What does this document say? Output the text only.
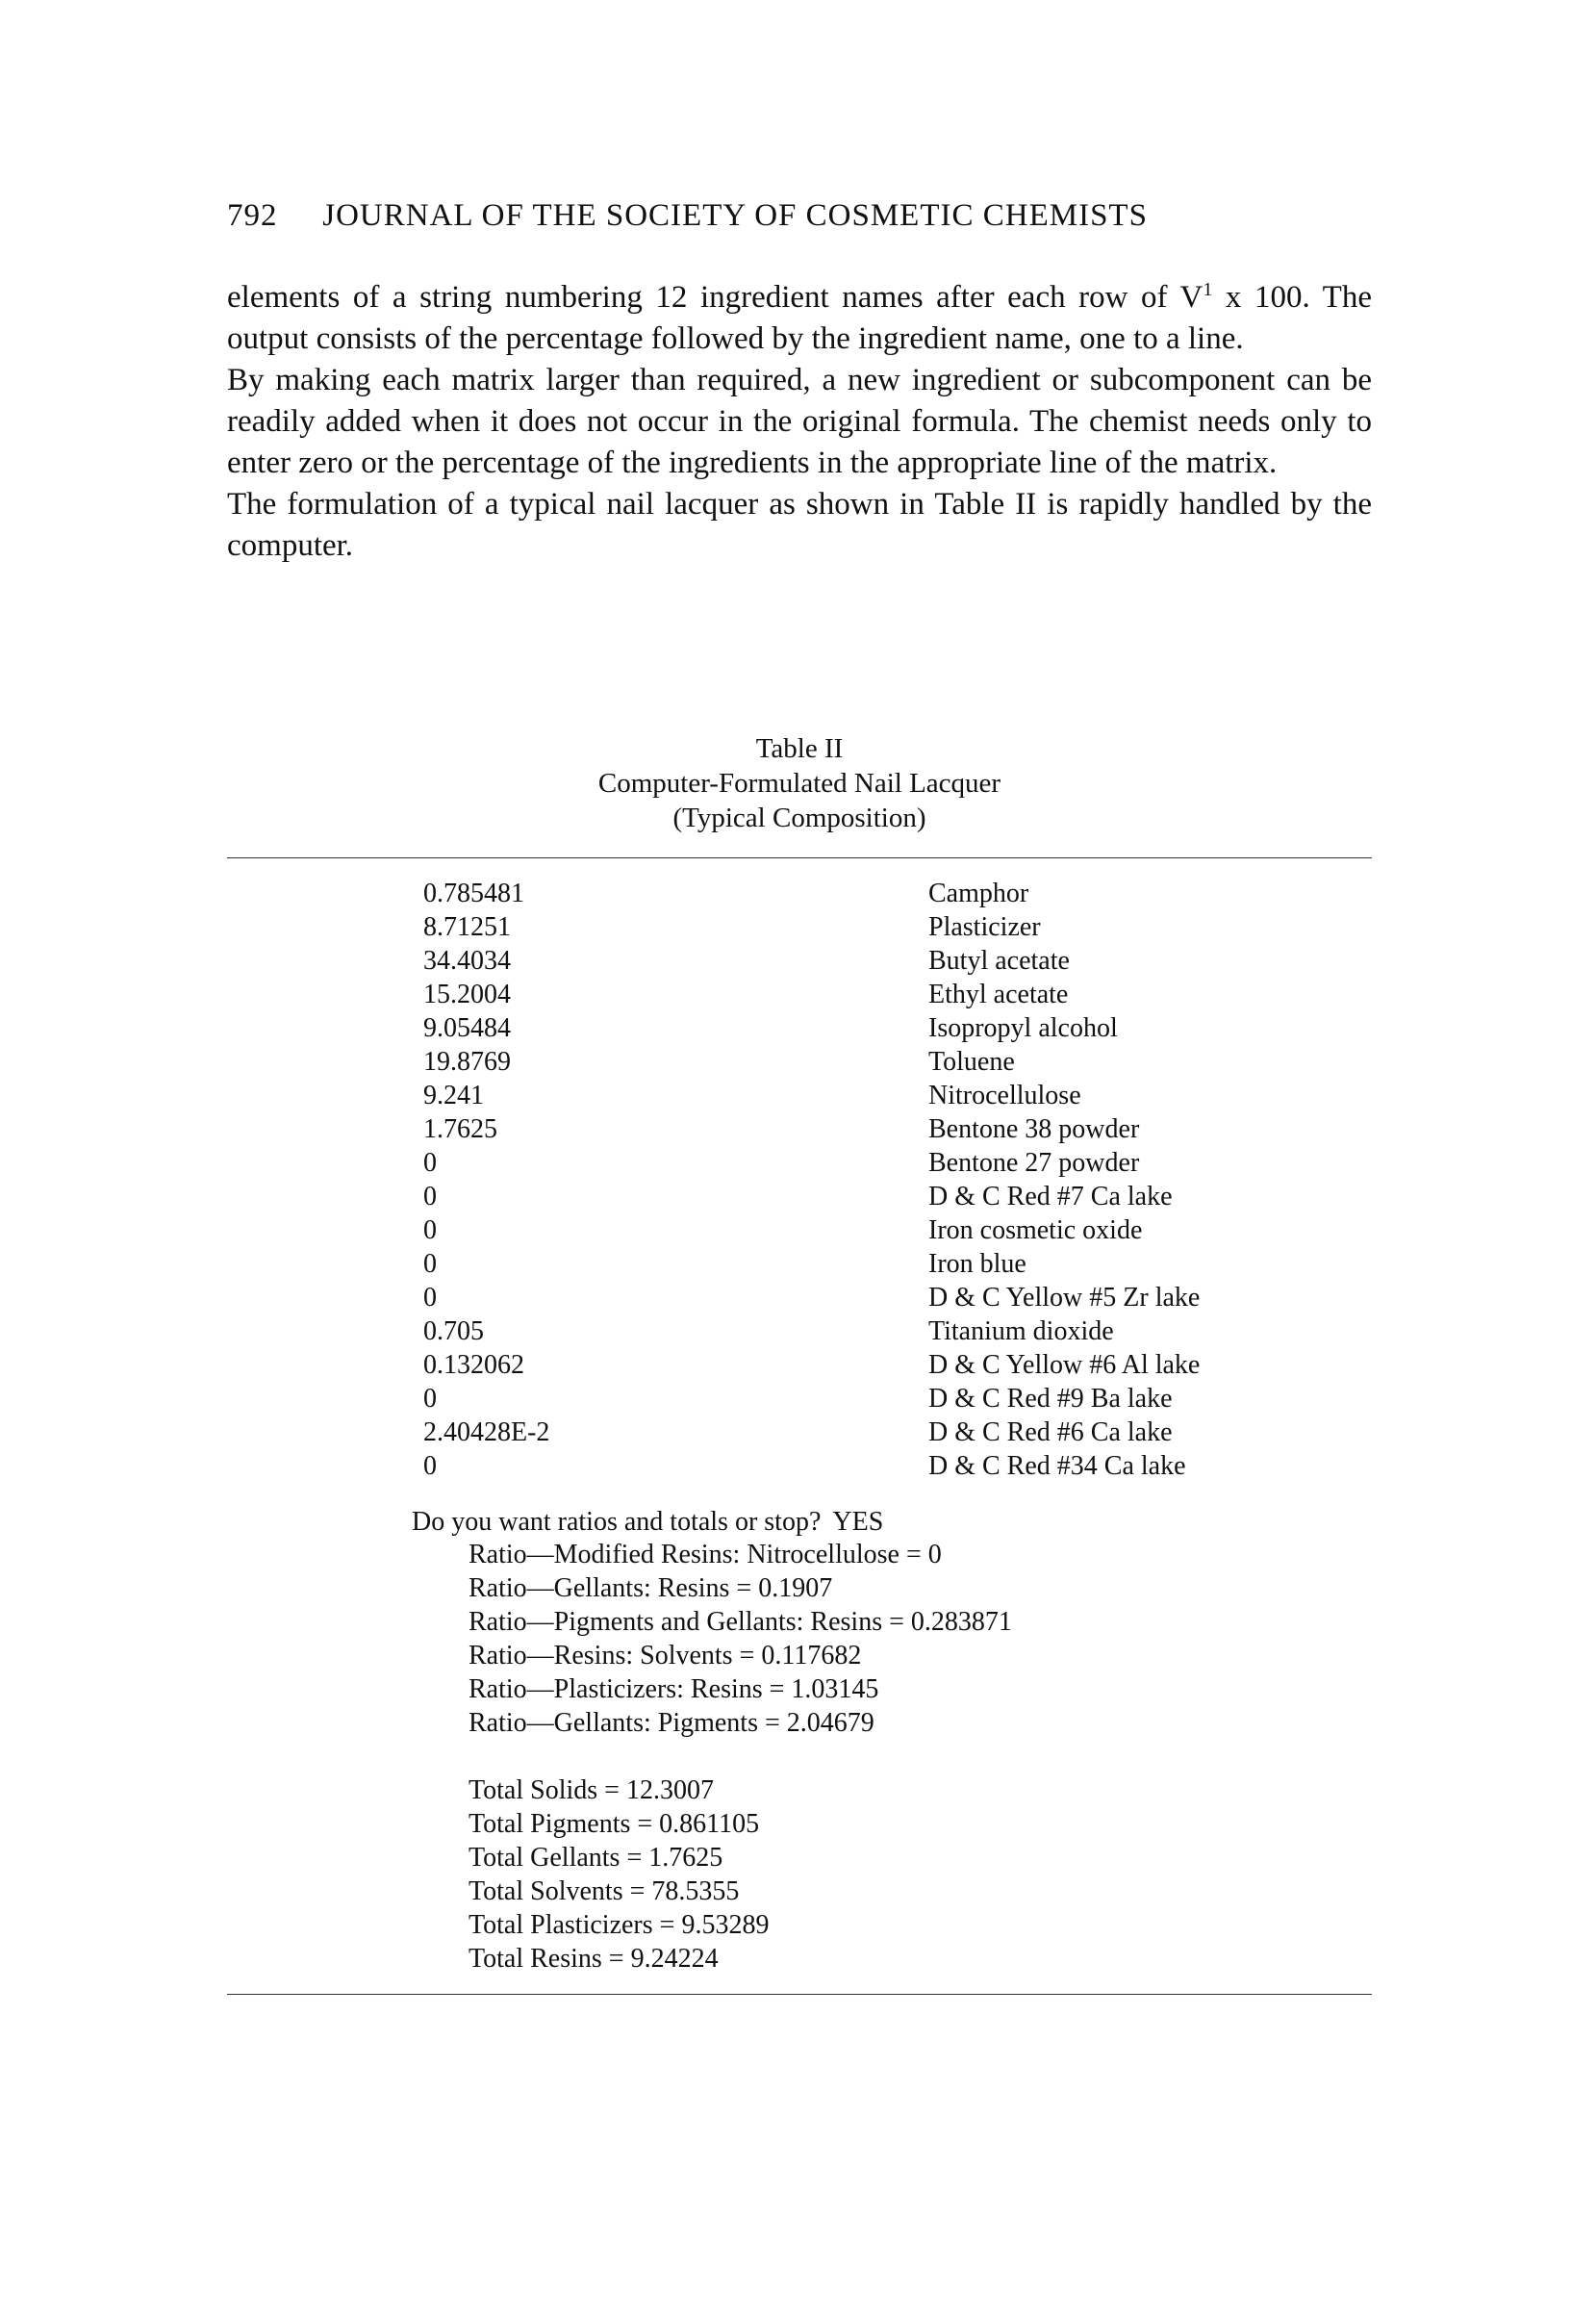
792 JOURNAL OF THE SOCIETY OF COSMETIC CHEMISTS

elements of a string numbering 12 ingredient names after each row of $V^1$ x 100. The output consists of the percentage followed by the ingredient name, one to a line.

By making each matrix larger than required, a new ingredient or subcomponent can be readily added when it does not occur in the original formula. The chemist needs only to enter zero or the percentage of the ingredients in the appropriate line of the matrix.

The formulation of a typical nail lacquer as shown in Table II is rapidly handled by the computer.

Table II
Computer-Formulated Nail Lacquer
(Typical Composition)
0.785481	Camphor
8.71251	Plasticizer
34.4034	Butyl acetate
15.2004	Ethyl acetate
9.05484	Isopropyl alcohol
19.8769	Toluene
9.241	Nitrocellulose
1.7625	Bentone 38 powder
0	Bentone 27 powder
0	D & C Red #7 Ca lake
0	Iron cosmetic oxide
0	Iron blue
0	D & C Yellow #5 Zr lake
0.705	Titanium dioxide
0.132062	D & C Yellow #6 Al lake
0	D & C Red #9 Ba lake
2.40428E-2	D & C Red #6 Ca lake
0	D & C Red #34 Ca lake
Do you want ratios and totals or stop? YES
Ratio—Modified Resins: Nitrocellulose = 0
Ratio—Gellants: Resins = 0.1907
Ratio—Pigments and Gellants: Resins = 0.283871
Ratio—Resins: Solvents = 0.117682
Ratio—Plasticizers: Resins = 1.03145
Ratio—Gellants: Pigments = 2.04679
Total Solids = 12.3007
Total Pigments = 0.861105
Total Gellants = 1.7625
Total Solvents = 78.5355
Total Plasticizers = 9.53289
Total Resins = 9.24224
